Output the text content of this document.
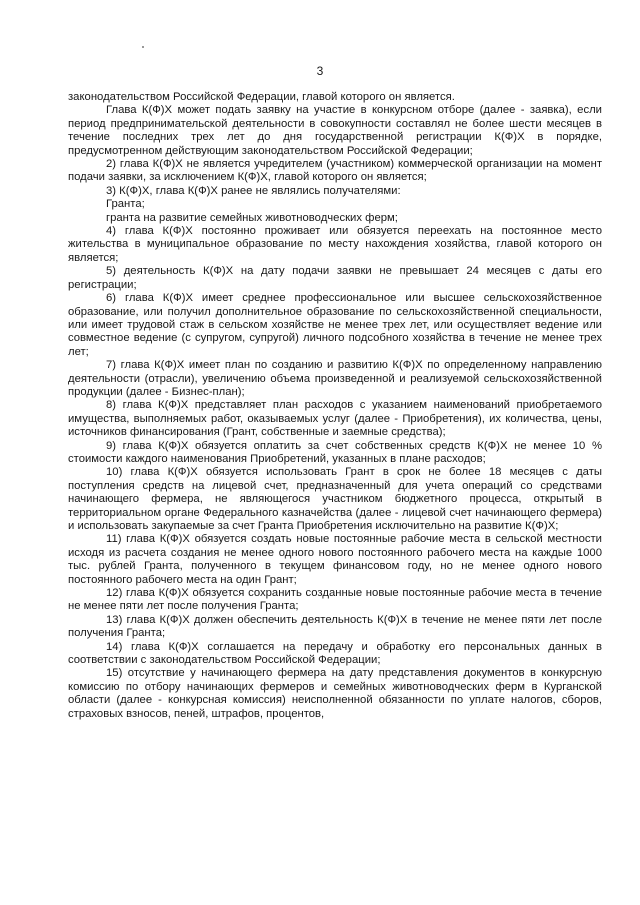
3

законодательством Российской Федерации, главой которого он является.

Глава К(Ф)Х может подать заявку на участие в конкурсном отборе (далее - заявка), если период предпринимательской деятельности в совокупности составлял не более шести месяцев в течение последних трех лет до дня государственной регистрации К(Ф)Х в порядке, предусмотренном действующим законодательством Российской Федерации;

2) глава К(Ф)Х не является учредителем (участником) коммерческой организации на момент подачи заявки, за исключением К(Ф)Х, главой которого он является;

3) К(Ф)Х, глава К(Ф)Х ранее не являлись получателями:

Гранта;

гранта на развитие семейных животноводческих ферм;

4) глава К(Ф)Х постоянно проживает или обязуется переехать на постоянное место жительства в муниципальное образование по месту нахождения хозяйства, главой которого он является;

5) деятельность К(Ф)Х на дату подачи заявки не превышает 24 месяцев с даты его регистрации;

6) глава К(Ф)Х имеет среднее профессиональное или высшее сельскохозяйственное образование, или получил дополнительное образование по сельскохозяйственной специальности, или имеет трудовой стаж в сельском хозяйстве не менее трех лет, или осуществляет ведение или совместное ведение (с супругом, супругой) личного подсобного хозяйства в течение не менее трех лет;

7) глава К(Ф)Х имеет план по созданию и развитию К(Ф)Х по определенному направлению деятельности (отрасли), увеличению объема произведенной и реализуемой сельскохозяйственной продукции (далее - Бизнес-план);

8) глава К(Ф)Х представляет план расходов с указанием наименований приобретаемого имущества, выполняемых работ, оказываемых услуг (далее - Приобретения), их количества, цены, источников финансирования (Грант, собственные и заемные средства);

9) глава К(Ф)Х обязуется оплатить за счет собственных средств К(Ф)Х не менее 10 % стоимости каждого наименования Приобретений, указанных в плане расходов;

10) глава К(Ф)Х обязуется использовать Грант в срок не более 18 месяцев с даты поступления средств на лицевой счет, предназначенный для учета операций со средствами начинающего фермера, не являющегося участником бюджетного процесса, открытый в территориальном органе Федерального казначейства (далее - лицевой счет начинающего фермера) и использовать закупаемые за счет Гранта Приобретения исключительно на развитие К(Ф)Х;

11) глава К(Ф)Х обязуется создать новые постоянные рабочие места в сельской местности исходя из расчета создания не менее одного нового постоянного рабочего места на каждые 1000 тыс. рублей Гранта, полученного в текущем финансовом году, но не менее одного нового постоянного рабочего места на один Грант;

12) глава К(Ф)Х обязуется сохранить созданные новые постоянные рабочие места в течение не менее пяти лет после получения Гранта;

13) глава К(Ф)Х должен обеспечить деятельность К(Ф)Х в течение не менее пяти лет после получения Гранта;

14) глава К(Ф)Х соглашается на передачу и обработку его персональных данных в соответствии с законодательством Российской Федерации;

15) отсутствие у начинающего фермера на дату представления документов в конкурсную комиссию по отбору начинающих фермеров и семейных животноводческих ферм в Курганской области (далее - конкурсная комиссия) неисполненной обязанности по уплате налогов, сборов, страховых взносов, пеней, штрафов, процентов,
